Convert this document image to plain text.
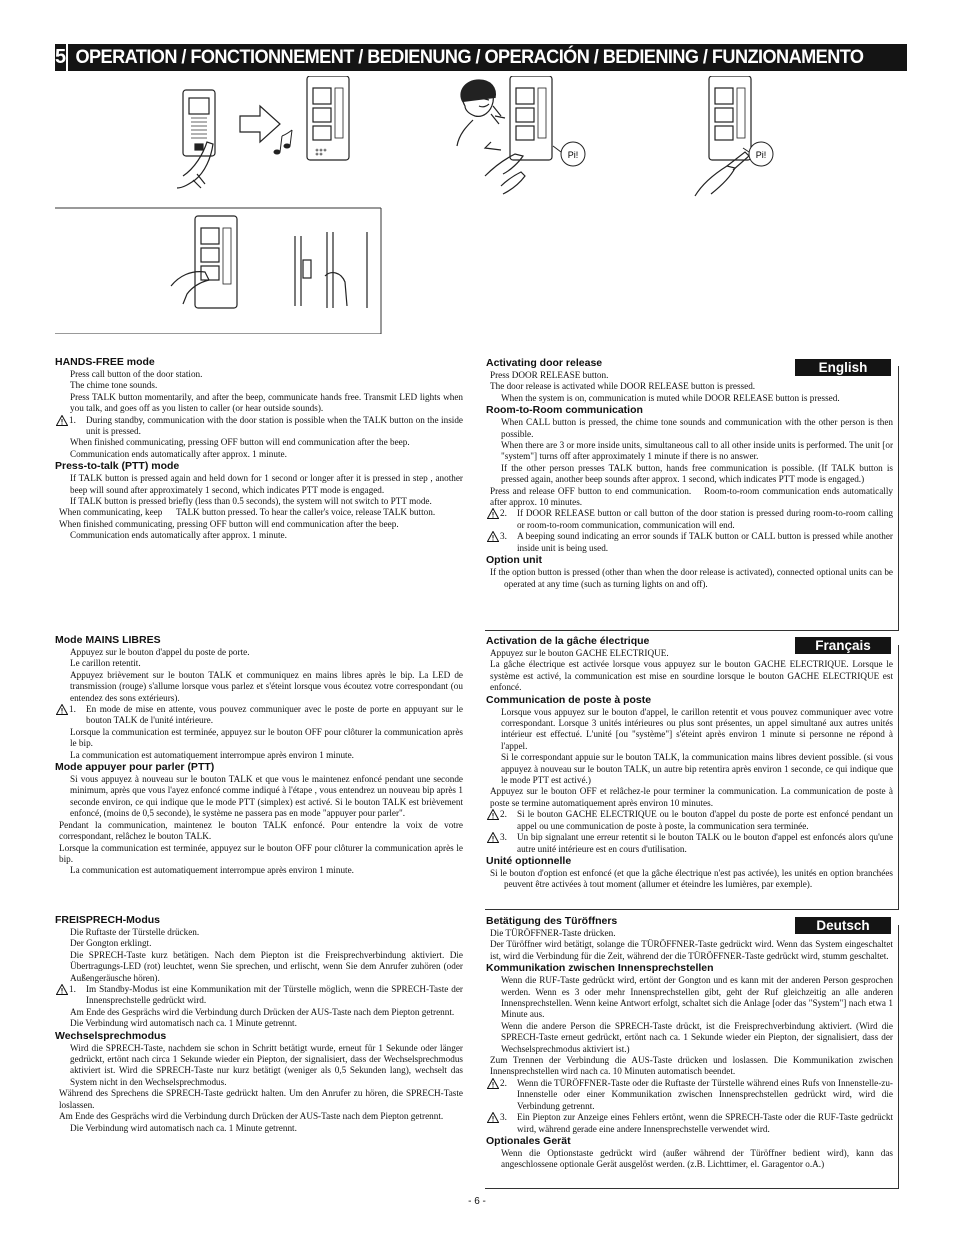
5 OPERATION / FONCTIONNEMENT / BEDIENUNG / OPERACIÓN / BEDIENING / FUNZIONAMENTO
Pi!	Pi!

HANDS-FREE mode

Press call button of the door station.

The chime tone sounds.

Press TALK button momentarily, and after the beep, communicate hands free. Transmit LED lights when you talk, and goes off as you listen to caller (or hear outside sounds).

1. During standby, communication with the door station is possible when the TALK button on the inside unit is pressed.

When finished communicating, pressing OFF button will end communication after the beep.

Communication ends automatically after approx. 1 minute.

Press-to-talk (PTT) mode

If TALK button is pressed again and held down for 1 second or longer after it is pressed in step , another beep will sound after approximately 1 second, which indicates PTT mode is engaged.

If TALK button is pressed briefly (less than 0.5 seconds), the system will not switch to PTT mode.

When communicating, keep      TALK button pressed. To hear the caller's voice, release TALK button.

When finished communicating, pressing OFF button will end communication after the beep.

Communication ends automatically after approx. 1 minute.

English

Activating door release

Press DOOR RELEASE button.

The door release is activated while DOOR RELEASE button is pressed.

When the system is on, communication is muted while DOOR RELEASE button is pressed.

Room-to-Room communication

When CALL button is pressed, the chime tone sounds and communication with the other person is then possible.

When there are 3 or more inside units, simultaneous call to all other inside units is performed. The unit [or "system"] turns off after approximately 1 minute if there is no answer.

If the other person presses TALK button, hands free communication is possible. (If TALK button is pressed again, another beep sounds after approx. 1 second, which indicates PTT mode is engaged.)

Press and release OFF button to end communication.    Room-to-room communication ends automatically after approx. 10 minutes.

2. If DOOR RELEASE button or call button of the door station is pressed during room-to-room calling or room-to-room communication, communication will end.
3. A beeping sound indicating an error sounds if TALK button or CALL button is pressed while another inside unit is being used.

Option unit

If the option button is pressed (other than when the door release is activated), connected optional units can be operated at any time (such as turning lights on and off).

Mode MAINS LIBRES

Appuyez sur le bouton d'appel du poste de porte.

Le carillon retentit.

Appuyez brièvement sur le bouton TALK et communiquez en mains libres après le bip. La LED de transmission (rouge) s'allume lorsque vous parlez et s'éteint lorsque vous écoutez votre correspondant (ou entendez des sons extérieurs).

1. En mode de mise en attente, vous pouvez communiquer avec le poste de porte en appuyant sur le bouton TALK de l'unité intérieure.

Lorsque la communication est terminée, appuyez sur le bouton OFF pour clôturer la communication après le bip.

La communication est automatiquement interrompue après environ 1 minute.

Mode appuyer pour parler (PTT)

Si vous appuyez à nouveau sur le bouton TALK et que vous le maintenez enfoncé pendant une seconde minimum, après que vous l'ayez enfoncé comme indiqué à l'étape , vous entendrez un nouveau bip après 1 seconde environ, ce qui indique que le mode PTT (simplex) est activé. Si le bouton TALK est brièvement enfoncé, (moins de 0,5 seconde), le système ne passera pas en mode "appuyer pour parler".

Pendant la communication, maintenez le bouton TALK enfoncé. Pour entendre la voix de votre correspondant, relâchez le bouton TALK.

Lorsque la communication est terminée, appuyez sur le bouton OFF pour clôturer la communication après le bip.

La communication est automatiquement interrompue après environ 1 minute.

Français

Activation de la gâche électrique

Appuyez sur le bouton GACHE ELECTRIQUE.

La gâche électrique est activée lorsque vous appuyez sur le bouton GACHE ELECTRIQUE. Lorsque le système est activé, la communication est mise en sourdine lorsque le bouton GACHE ELECTRIQUE est enfoncé.

Communication de poste à poste

Lorsque vous appuyez sur le bouton d'appel, le carillon retentit et vous pouvez communiquer avec votre correspondant. Lorsque 3 unités intérieures ou plus sont présentes, un appel simultané aux autres unités intérieur est effectué. L'unité [ou "système"] s'éteint après environ 1 minute si personne ne répond à l'appel.

Si le correspondant appuie sur le bouton TALK, la communication mains libres devient possible. (si vous appuyez à nouveau sur le bouton TALK, un autre bip retentira après environ 1 seconde, ce qui indique que le mode PTT est activé.)

Appuyez sur le bouton OFF et relâchez-le pour terminer la communication. La communication de poste à poste se termine automatiquement après environ 10 minutes.

2. Si le bouton GACHE ELECTRIQUE ou le bouton d'appel du poste de porte est enfoncé pendant un appel ou une communication de poste à poste, la communication sera terminée.
3. Un bip signalant une erreur retentit si le bouton TALK ou le bouton d'appel est enfoncés alors qu'une autre unité intérieure est en cours d'utilisation.

Unité optionnelle

Si le bouton d'option est enfoncé (et que la gâche électrique n'est pas activée), les unités en option branchées peuvent être activées à tout moment (allumer et éteindre les lumières, par exemple).

FREISPRECH-Modus

Die Ruftaste der Türstelle drücken.

Der Gongton erklingt.

Die SPRECH-Taste kurz betätigen. Nach dem Piepton ist die Freisprechverbindung aktiviert. Die Übertragungs-LED (rot) leuchtet, wenn Sie sprechen, und erlischt, wenn Sie dem Anrufer zuhören (oder Außengeräusche hören).

1. Im Standby-Modus ist eine Kommunikation mit der Türstelle möglich, wenn die SPRECH-Taste der Innensprechstelle gedrückt wird.

Am Ende des Gesprächs wird die Verbindung durch Drücken der AUS-Taste nach dem Piepton getrennt.

Die Verbindung wird automatisch nach ca. 1 Minute getrennt.

Wechselsprechmodus

Wird die SPRECH-Taste, nachdem sie schon in Schritt betätigt wurde, erneut für 1 Sekunde oder länger gedrückt, ertönt nach circa 1 Sekunde wieder ein Piepton, der signalisiert, dass der Wechselsprechmodus aktiviert ist. Wird die SPRECH-Taste nur kurz betätigt (weniger als 0,5 Sekunden lang), wechselt das System nicht in den Wechselsprechmodus.

Während des Sprechens die SPRECH-Taste gedrückt halten. Um den Anrufer zu hören, die SPRECH-Taste loslassen.

Am Ende des Gesprächs wird die Verbindung durch Drücken der AUS-Taste nach dem Piepton getrennt.

Die Verbindung wird automatisch nach ca. 1 Minute getrennt.

Deutsch

Betätigung des Türöffners

Die TÜRÖFFNER-Taste drücken.

Der Türöffner wird betätigt, solange die TÜRÖFFNER-Taste gedrückt wird. Wenn das System eingeschaltet ist, wird die Verbindung für die Zeit, während der die TÜRÖFFNER-Taste gedrückt wird, stumm geschaltet.

Kommunikation zwischen Innensprechstellen

Wenn die RUF-Taste gedrückt wird, ertönt der Gongton und es kann mit der anderen Person gesprochen werden. Wenn es 3 oder mehr Innensprechstellen gibt, geht der Ruf gleichzeitig an alle anderen Innensprechstellen. Wenn keine Antwort erfolgt, schaltet sich die Anlage [oder das "System"] nach etwa 1 Minute aus.

Wenn die andere Person die SPRECH-Taste drückt, ist die Freisprechverbindung aktiviert. (Wird die SPRECH-Taste erneut gedrückt, ertönt nach ca. 1 Sekunde wieder ein Piepton, der signalisiert, dass der Wechselsprechmodus aktiviert ist.)

Zum Trennen der Verbindung die AUS-Taste drücken und loslassen. Die Kommunikation zwischen Innensprechstellen wird nach ca. 10 Minuten automatisch beendet.

2. Wenn die TÜRÖFFNER-Taste oder die Ruftaste der Türstelle während eines Rufs von Innenstelle-zu-Innenstelle oder einer Kommunikation zwischen Innensprechstellen gedrückt wird, wird die Verbindung getrennt.
3. Ein Piepton zur Anzeige eines Fehlers ertönt, wenn die SPRECH-Taste oder die RUF-Taste gedrückt wird, während gerade eine andere Innensprechstelle verwendet wird.

Optionales Gerät

Wenn die Optionstaste gedrückt wird (außer während der Türöffner bedient wird), kann das angeschlossene optionale Gerät ausgelöst werden. (z.B. Lichttimer, el. Garagentor o.A.)

- 6 -
